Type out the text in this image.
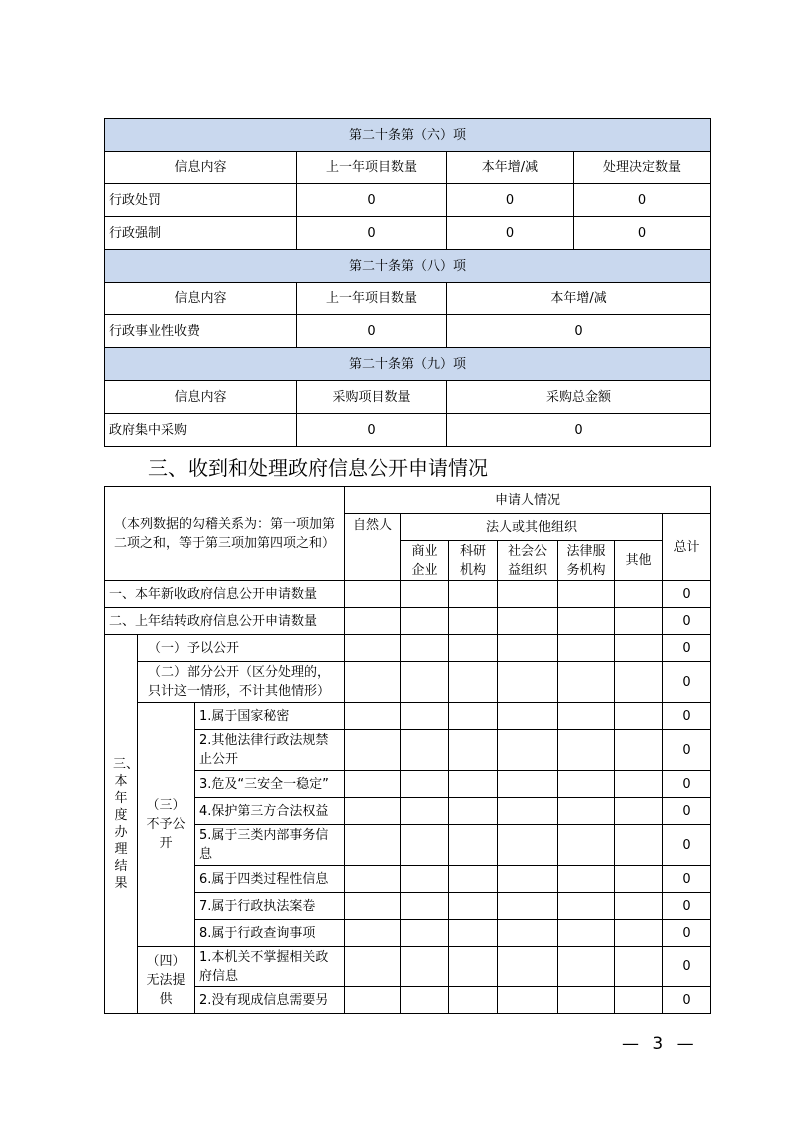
第二十条第（六）项			
信息内容	上一年项目数量	本年增/减	处理决定数量
行政处罚	0	0	0
行政强制	0	0	0
第二十条第（八）项			
信息内容	上一年项目数量	本年增/减	
行政事业性收费	0	0	
第二十条第（九）项			
信息内容	采购项目数量	采购总金额	
政府集中采购	0	0	
三、收到和处理政府信息公开申请情况
（本列数据的勾稽关系为：第一项加第二项之和，等于第三项加第四项之和）			申请人情况						
			自然人	法人或其他组织					总计
				商业企业	科研机构	社会公益组织	法律服务机构	其他	
一、本年新收政府信息公开申请数量									0
二、上年结转政府信息公开申请数量									0
三、本年度办理结果	（一）予以公开								0
	（二）部分公开（区分处理的，只计这一情形，不计其他情形）								0
	（三）不予公开	1.属于国家秘密							0
		2.其他法律行政法规禁止公开							0
		3.危及“三安全一稳定”							0
		4.保护第三方合法权益							0
		5.属于三类内部事务信息							0
		6.属于四类过程性信息							0
		7.属于行政执法案卷							0
		8.属于行政查询事项							0
	（四）无法提供	1.本机关不掌握相关政府信息							0
		2.没有现成信息需要另							0
— 3 —
